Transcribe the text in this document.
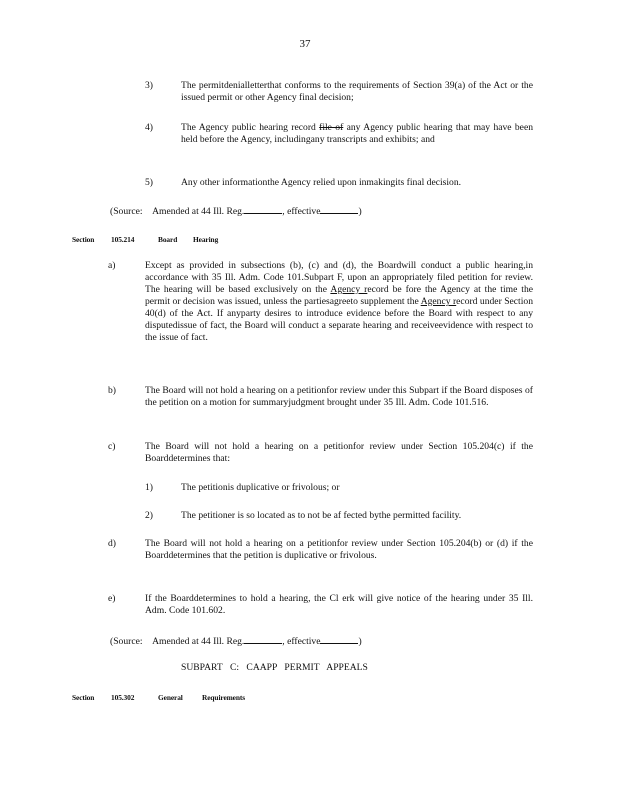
37
3)	The permitdenialletterthat conforms to the requirements of Section 39(a) of the Act or the issued permit or other Agency final decision;
4)	The Agency public hearing record file of any Agency public hearing that may have been held before the Agency, includingany transcripts and exhibits; and
5)	Any other informationthe Agency relied upon inmakingits final decision.
(Source: Amended at 44 Ill. Reg.	, effective	)
Section 105.214	Board Hearing
a)	Except as provided in subsections (b), (c) and (d), the Boardwill conduct a public hearing,in accordance with 35 Ill. Adm. Code 101.Subpart F, upon an appropriately filed petition for review. The hearing will be based exclusively on the Agency record be fore the Agency at the time the permit or decision was issued, unless the partiesagreeto supplement the Agency record under Section 40(d) of the Act. If anyparty desires to introduce evidence before the Board with respect to any disputedissue of fact, the Board will conduct a separate hearing and receiveevidence with respect to the issue of fact.
b)	The Board will not hold a hearing on a petitionfor review under this Subpart if the Board disposes of the petition on a motion for summaryjudgment brought under 35 Ill. Adm. Code 101.516.
c)	The Board will not hold a hearing on a petitionfor review under Section 105.204(c) if the Boarddetermines that:
1)	The petitionis duplicative or frivolous; or
2)	The petitioner is so located as to not be af fected bythe permitted facility.
d)	The Board will not hold a hearing on a petitionfor review under Section 105.204(b) or (d) if the Boarddetermines that the petition is duplicative or frivolous.
e)	If the Boarddetermines to hold a hearing, the Cl erk will give notice of the hearing under 35 Ill. Adm. Code 101.602.
(Source: Amended at 44 Ill. Reg.	, effective	)
SUBPART C: CAAPP PERMIT APPEALS
Section 105.302	General	Requirements
